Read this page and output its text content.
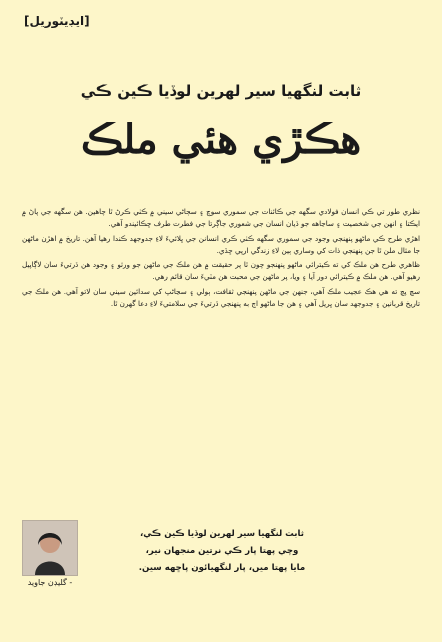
[ايڊيٽوريل]
ثابت لنگهيا سير لهرين لوڏيا ڪين ڪي
هڪڙي هئي ملڪ

نظري طور تي ڪي انسان فولادي سگهه جي ڪائنات جي سموري سوچ ۽ سڄاڻي سيني ۾ ڪٺي ڪرڻ ٿا چاهين. هن سگهه جي پاڻ ۾ ايڪتا ۽ انهن جي شخصيت ۽ ساڃاهه جو ڌيان انسان جي شعوري جاڳرتا جي فطرت طرف ڇڪائيندو آهي.

اهڙي طرح ڪي ماڻهو پنهنجي وجود جي سموري سگهه ڪٺي ڪري انسانن جي ڀلائيءَ لاءِ جدوجهد ڪندا رهيا آهن. تاريخ ۾ اهڙن ماڻهن جا مثال ملن ٿا جن پنهنجي ذات کي وساري ٻين لاءِ زندگي ارپي ڇڏي.

ظاهري طرح هن ملڪ کي ته ڪيترائي ماڻهو پنهنجو چون ٿا پر حقيقت ۾ هن ملڪ جي ماڻهن جو ورثو ۽ وجود هن ڌرتيءَ سان لاڳاپيل رهيو آهي. هن ملڪ ۾ ڪيترائي دور آيا ۽ ويا، پر ماڻهن جي محبت هن مٽيءَ سان قائم رهي.

سچ پچ ته هي هڪ عجيب ملڪ آهي، جنهن جي ماڻهن پنهنجي ثقافت، ٻولي ۽ سڃاڻپ کي سدائين سيني سان لاتو آهي. هن ملڪ جي تاريخ قربانين ۽ جدوجهد سان ڀريل آهي ۽ هن جا ماڻهو اڄ به پنهنجي ڌرتيءَ جي سلامتيءَ لاءِ دعا گهرن ٿا.

ثابت لنگهيا سير لهرين لوڏيا ڪين ڪي،
وچي پهتا پار ڪي نرتين منجهان نير،
مايا پهتا ميں، پار لنگهيائون پاڇهه سين.
- گليڊن جاويد
